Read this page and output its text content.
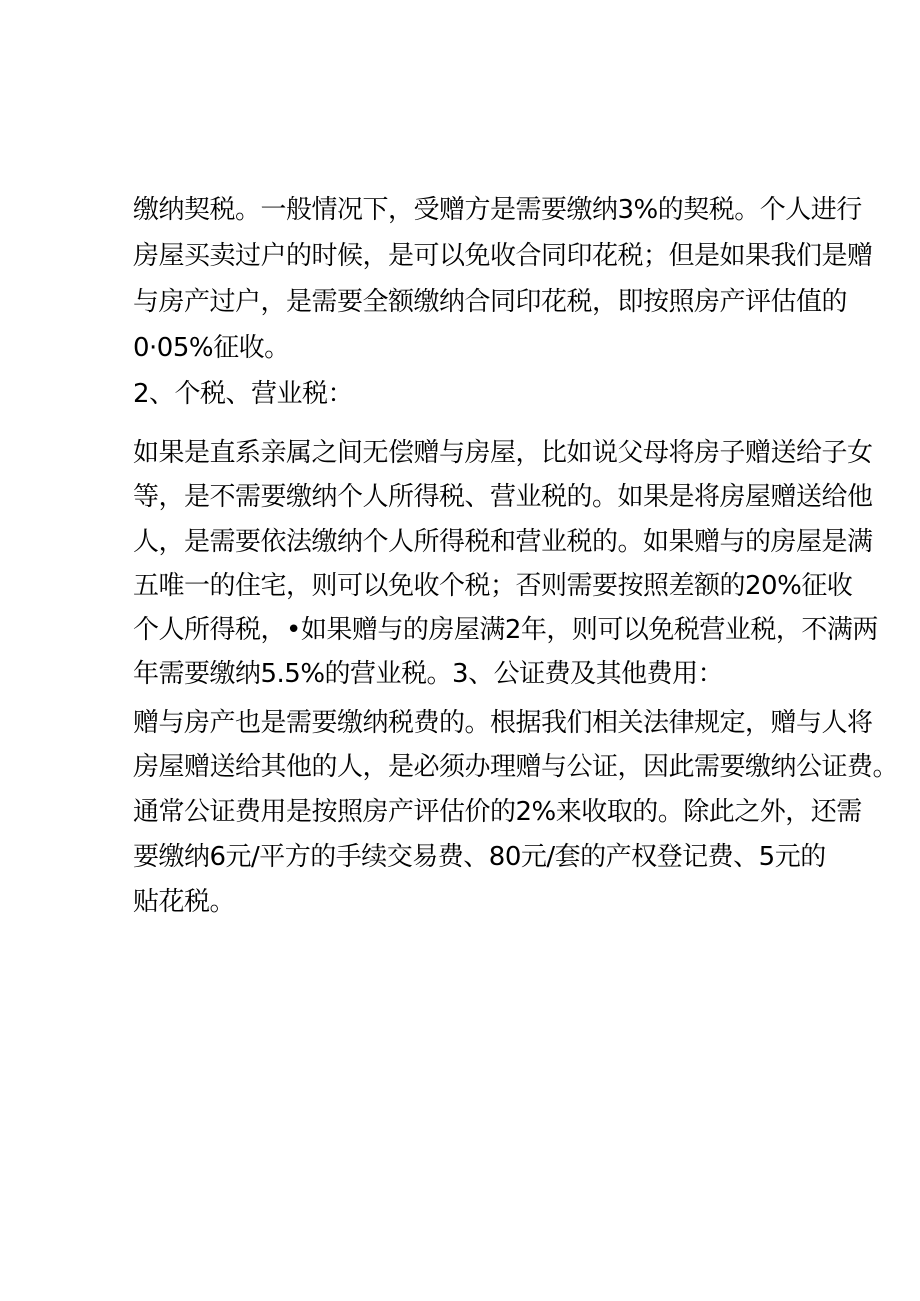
缴纳契税。一般情况下，受赠方是需要缴纳3%的契税。个人进行
房屋买卖过户的时候，是可以免收合同印花税；但是如果我们是赠
与房产过户，是需要全额缴纳合同印花税，即按照房产评估值的
0·05%征收。

2、个税、营业税：

如果是直系亲属之间无偿赠与房屋，比如说父母将房子赠送给子女
等，是不需要缴纳个人所得税、营业税的。如果是将房屋赠送给他
人，是需要依法缴纳个人所得税和营业税的。如果赠与的房屋是满
五唯一的住宅，则可以免收个税；否则需要按照差额的20%征收
个人所得税，•如果赠与的房屋满2年，则可以免税营业税，不满两
年需要缴纳5.5%的营业税。3、公证费及其他费用：

赠与房产也是需要缴纳税费的。根据我们相关法律规定，赠与人将
房屋赠送给其他的人，是必须办理赠与公证，因此需要缴纳公证费。
通常公证费用是按照房产评估价的2%来收取的。除此之外，还需
要缴纳6元/平方的手续交易费、80元/套的产权登记费、5元的
贴花税。
